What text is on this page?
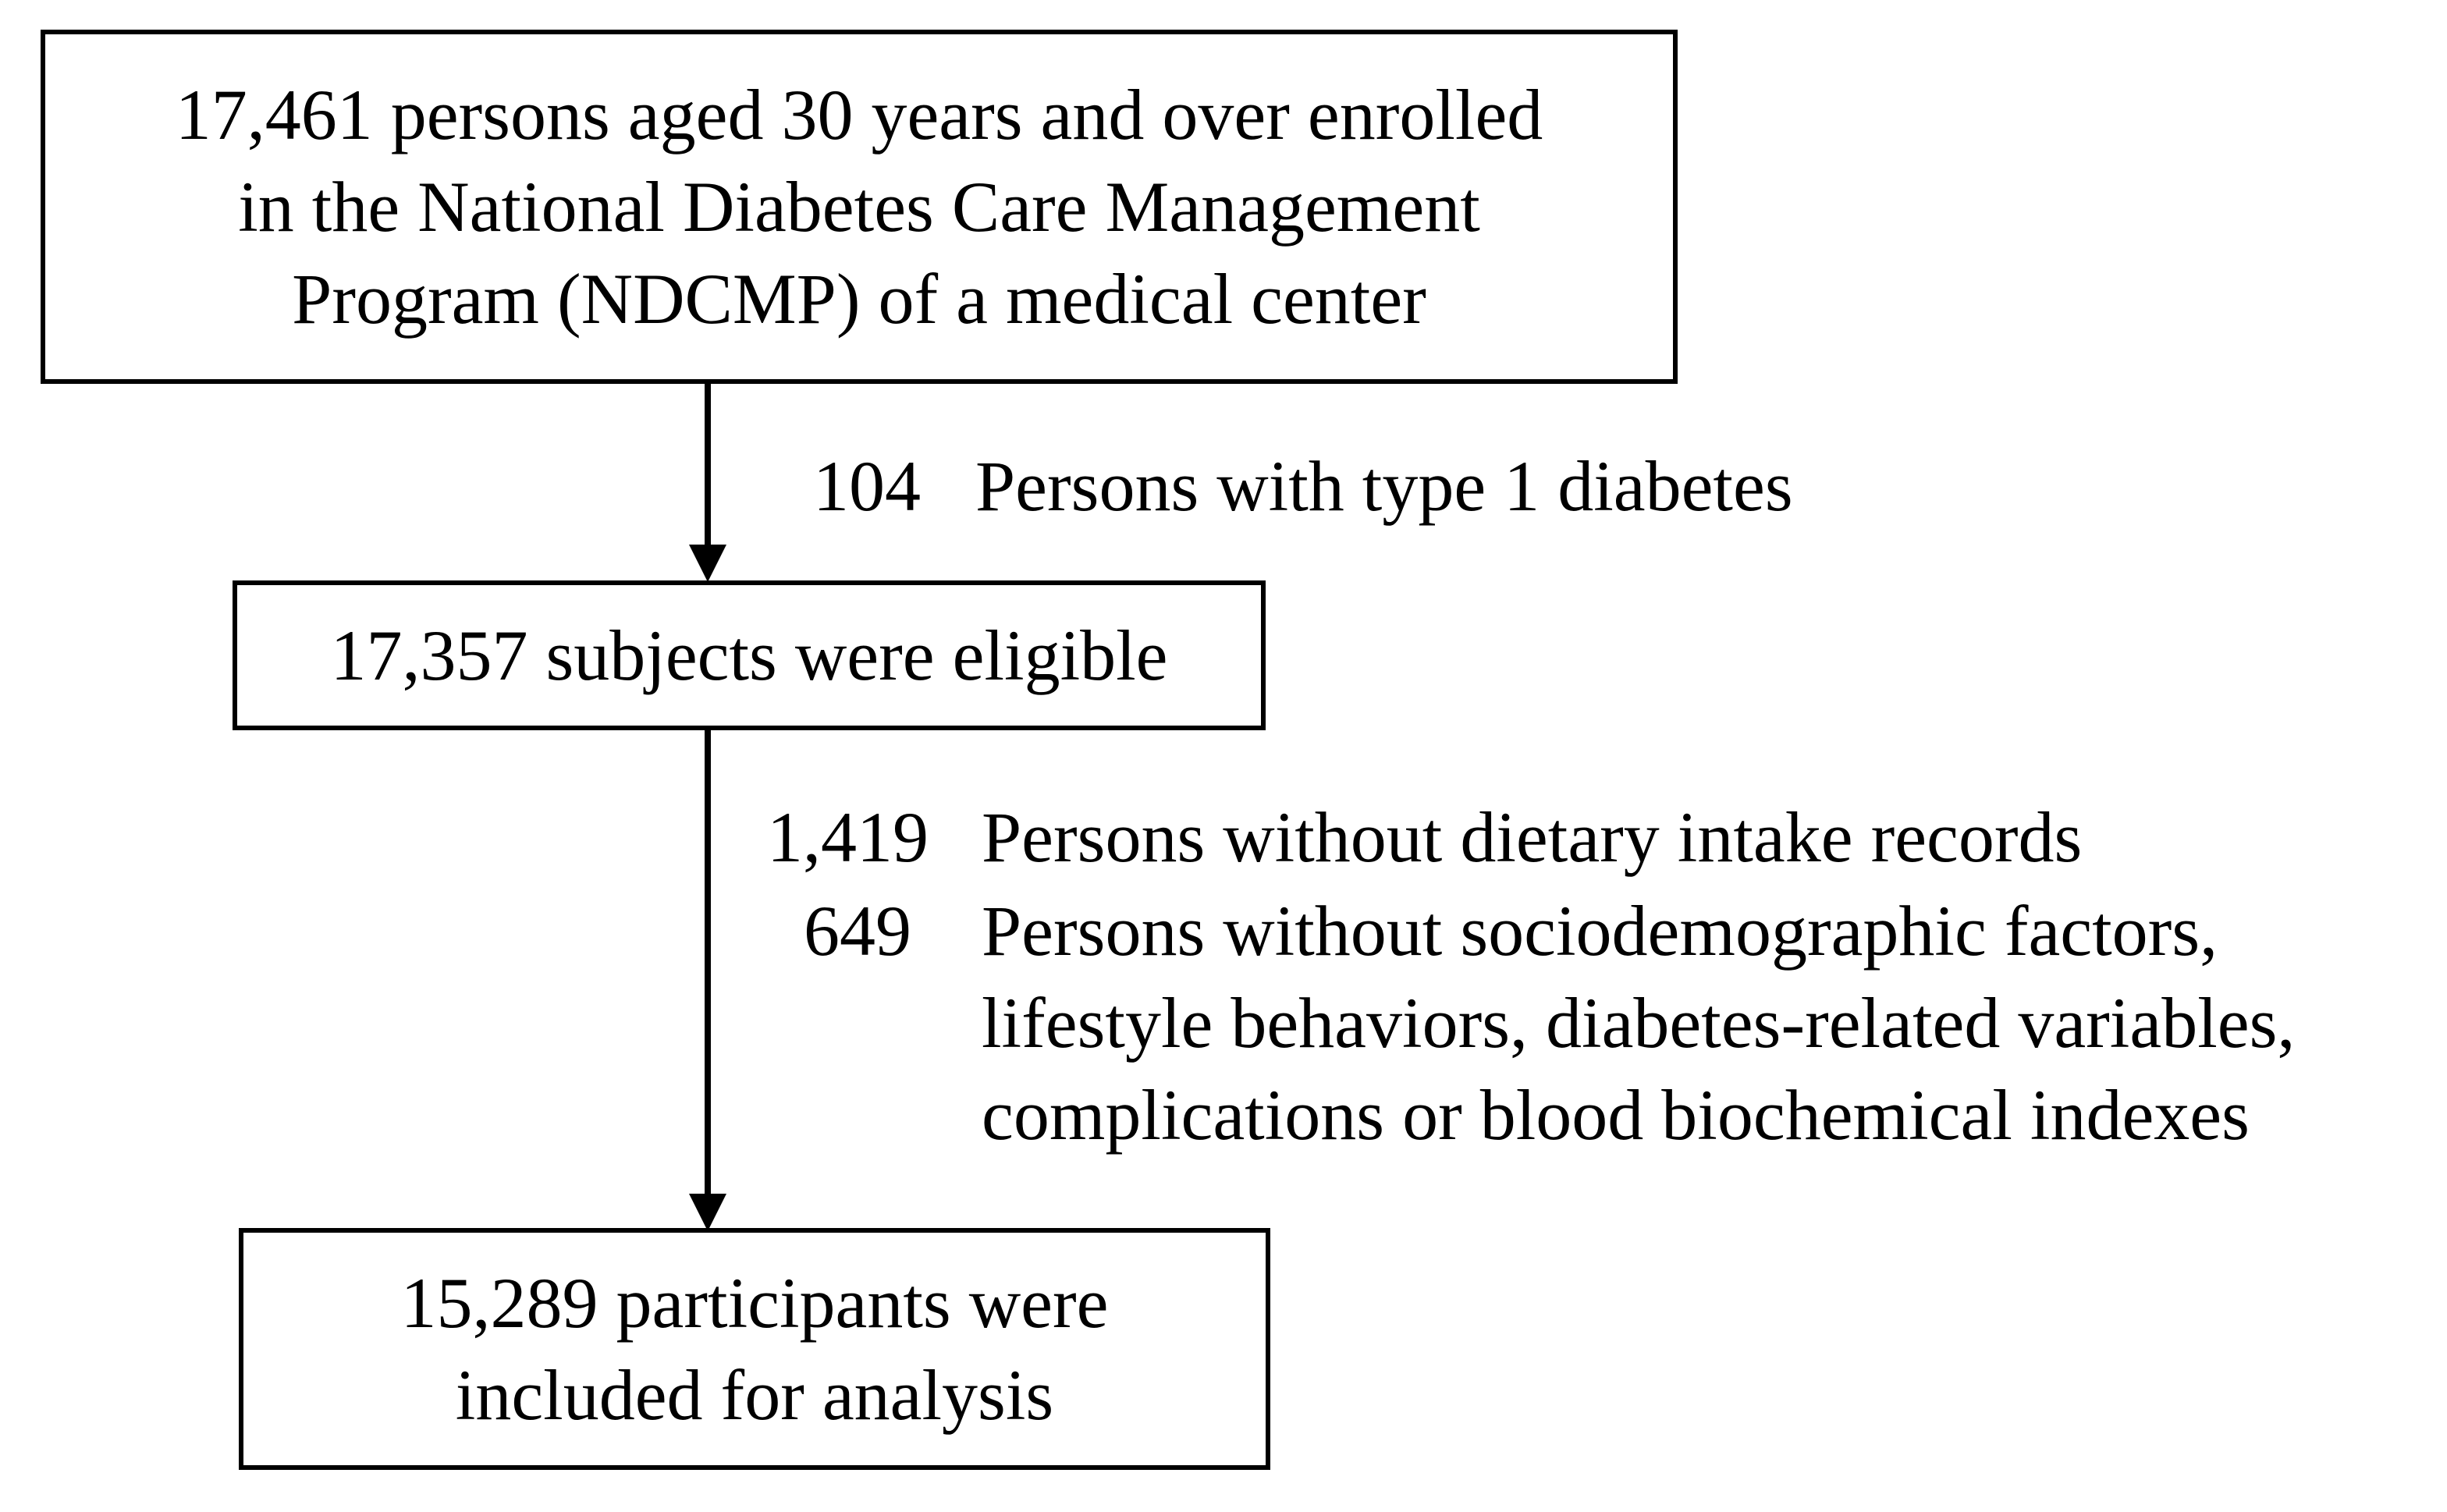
17,461 persons aged 30 years and over enrolled
in the National Diabetes Care Management
Program (NDCMP) of a medical center
104 Persons with type 1 diabetes
17,357 subjects were eligible
1,419 Persons without dietary intake records
649 Persons without sociodemographic factors,
lifestyle behaviors, diabetes-related variables,
complications or blood biochemical indexes
15,289 participants were
included for analysis
